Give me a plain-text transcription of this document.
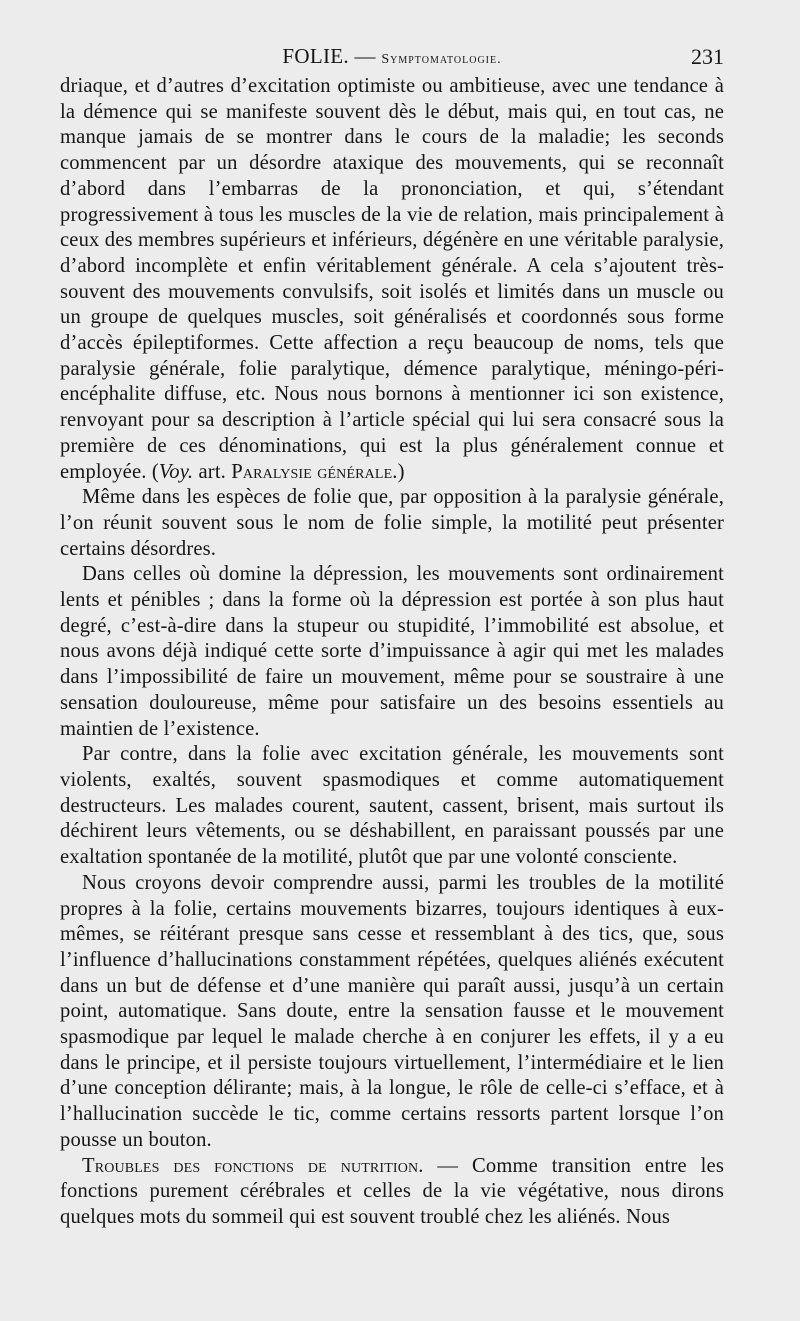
FOLIE. — Symptomatologie.	231

driaque, et d’autres d’excitation optimiste ou ambitieuse, avec une tendance à la démence qui se manifeste souvent dès le début, mais qui, en tout cas, ne manque jamais de se montrer dans le cours de la maladie; les seconds commencent par un désordre ataxique des mouvements, qui se reconnaît d’abord dans l’embarras de la prononciation, et qui, s’étendant progressivement à tous les muscles de la vie de relation, mais principalement à ceux des membres supérieurs et inférieurs, dégénère en une véritable paralysie, d’abord incomplète et enfin véritablement générale. A cela s’ajoutent très-souvent des mouvements convulsifs, soit isolés et limités dans un muscle ou un groupe de quelques muscles, soit généralisés et coordonnés sous forme d’accès épileptiformes. Cette affection a reçu beaucoup de noms, tels que paralysie générale, folie paralytique, démence paralytique, méningo-péri-encéphalite diffuse, etc. Nous nous bornons à mentionner ici son existence, renvoyant pour sa description à l’article spécial qui lui sera consacré sous la première de ces dénominations, qui est la plus généralement connue et employée. (Voy. art. Paralysie générale.)

Même dans les espèces de folie que, par opposition à la paralysie générale, l’on réunit souvent sous le nom de folie simple, la motilité peut présenter certains désordres.

Dans celles où domine la dépression, les mouvements sont ordinairement lents et pénibles ; dans la forme où la dépression est portée à son plus haut degré, c’est-à-dire dans la stupeur ou stupidité, l’immobilité est absolue, et nous avons déjà indiqué cette sorte d’impuissance à agir qui met les malades dans l’impossibilité de faire un mouvement, même pour se soustraire à une sensation douloureuse, même pour satisfaire un des besoins essentiels au maintien de l’existence.

Par contre, dans la folie avec excitation générale, les mouvements sont violents, exaltés, souvent spasmodiques et comme automatiquement destructeurs. Les malades courent, sautent, cassent, brisent, mais surtout ils déchirent leurs vêtements, ou se déshabillent, en paraissant poussés par une exaltation spontanée de la motilité, plutôt que par une volonté consciente.

Nous croyons devoir comprendre aussi, parmi les troubles de la motilité propres à la folie, certains mouvements bizarres, toujours identiques à eux-mêmes, se réitérant presque sans cesse et ressemblant à des tics, que, sous l’influence d’hallucinations constamment répétées, quelques aliénés exécutent dans un but de défense et d’une manière qui paraît aussi, jusqu’à un certain point, automatique. Sans doute, entre la sensation fausse et le mouvement spasmodique par lequel le malade cherche à en conjurer les effets, il y a eu dans le principe, et il persiste toujours virtuellement, l’intermédiaire et le lien d’une conception délirante; mais, à la longue, le rôle de celle-ci s’efface, et à l’hallucination succède le tic, comme certains ressorts partent lorsque l’on pousse un bouton.

Troubles des fonctions de nutrition. — Comme transition entre les fonctions purement cérébrales et celles de la vie végétative, nous dirons quelques mots du sommeil qui est souvent troublé chez les aliénés. Nous
